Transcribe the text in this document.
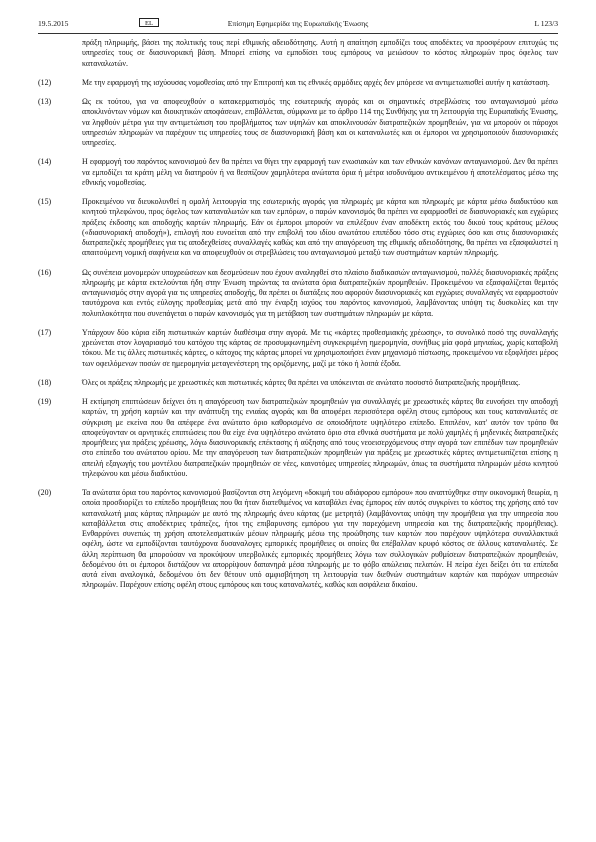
19.5.2015	EL	Επίσημη Εφημερίδα της Ευρωπαϊκής Ένωσης	L 123/3
πράξη πληρωμής, βάσει της πολιτικής τους περί εθιμικής αδειοδότησης. Αυτή η απαίτηση εμποδίζει τους αποδέκτες να προσφέρουν επιτυχώς τις υπηρεσίες τους σε διασυνοριακή βάση. Μπορεί επίσης να εμποδίσει τους εμπόρους να μειώσουν το κόστος πληρωμών προς όφελος των καταναλωτών.
(12)	Με την εφαρμογή της ισχύουσας νομοθεσίας από την Επιτροπή και τις εθνικές αρμόδιες αρχές δεν μπόρεσε να αντιμετωπισθεί αυτήν η κατάσταση.
(13)	Ως εκ τούτου, για να αποφευχθούν ο κατακερματισμός της εσωτερικής αγοράς και οι σημαντικές στρεβλώσεις του ανταγωνισμού μέσω αποκλινόντων νόμων και διοικητικών αποφάσεων, επιβάλλεται, σύμφωνα με το άρθρο 114 της Συνθήκης για τη λειτουργία της Ευρωπαϊκής Ένωσης, να ληφθούν μέτρα για την αντιμετώπιση του προβλήματος των υψηλών και αποκλινουσών διατραπεζικών προμηθειών, για να μπορούν οι πάροχοι υπηρεσιών πληρωμών να παρέχουν τις υπηρεσίες τους σε διασυνοριακή βάση και οι καταναλωτές και οι έμποροι να χρησιμοποιούν διασυνοριακές υπηρεσίες.
(14)	Η εφαρμογή του παρόντος κανονισμού δεν θα πρέπει να θίγει την εφαρμογή των ενωσιακών και των εθνικών κανόνων ανταγωνισμού. Δεν θα πρέπει να εμποδίζει τα κράτη μέλη να διατηρούν ή να θεσπίζουν χαμηλότερα ανώτατα όρια ή μέτρα ισοδυνάμου αντικειμένου ή αποτελέσματος μέσω της εθνικής νομοθεσίας.
(15)	Προκειμένου να διευκολυνθεί η ομαλή λειτουργία της εσωτερικής αγοράς για πληρωμές με κάρτα και πληρωμές με κάρτα μέσω διαδικτύου και κινητού τηλεφώνου, προς όφελος των καταναλωτών και των εμπόρων, ο παρών κανονισμός θα πρέπει να εφαρμοσθεί σε διασυνοριακές και εγχώριες πράξεις έκδοσης και αποδοχής καρτών πληρωμής. Εάν οι έμποροι μπορούν να επιλέξουν έναν αποδέκτη εκτός του δικού τους κράτους μέλους («διασυνοριακή αποδοχή»), επιλογή που ευνοείται από την επιβολή του ιδίου ανωτάτου επιπέδου τόσο στις εγχώριες όσο και στις διασυνοριακές διατραπεζικές προμήθειες για τις αποδεχθείσες συναλλαγές καθώς και από την απαγόρευση της εθιμικής αδειοδότησης, θα πρέπει να εξασφαλιστεί η απαιτούμενη νομική σαφήνεια και να αποφευχθούν οι στρεβλώσεις του ανταγωνισμού μεταξύ των συστημάτων καρτών πληρωμής.
(16)	Ως συνέπεια μονομερών υποχρεώσεων και δεσμεύσεων που έχουν αναληφθεί στο πλαίσιο διαδικασιών ανταγωνισμού, πολλές διασυνοριακές πράξεις πληρωμής με κάρτα εκτελούνται ήδη στην Ένωση τηρώντας τα ανώτατα όρια διατραπεζικών προμηθειών. Προκειμένου να εξασφαλίζεται θεμιτός ανταγωνισμός στην αγορά για τις υπηρεσίες αποδοχής, θα πρέπει οι διατάξεις που αφορούν διασυνοριακές και εγχώριες συναλλαγές να εφαρμοστούν ταυτόχρονα και εντός εύλογης προθεσμίας μετά από την έναρξη ισχύος του παρόντος κανονισμού, λαμβάνοντας υπόψη τις δυσκολίες και την πολυπλοκότητα που συνεπάγεται ο παρών κανονισμός για τη μετάβαση των συστημάτων πληρωμών με κάρτα.
(17)	Υπάρχουν δύο κύρια είδη πιστωτικών καρτών διαθέσιμα στην αγορά. Με τις «κάρτες προθεσμιακής χρέωσης», το συνολικό ποσό της συναλλαγής χρεώνεται στον λογαριασμό του κατόχου της κάρτας σε προσυμφωνημένη συγκεκριμένη ημερομηνία, συνήθως μία φορά μηνιαίως, χωρίς καταβολή τόκου. Με τις άλλες πιστωτικές κάρτες, ο κάτοχος της κάρτας μπορεί να χρησιμοποιήσει έναν μηχανισμό πίστωσης, προκειμένου να εξοφλήσει μέρος των οφειλόμενων ποσών σε ημερομηνία μεταγενέστερη της οριζόμενης, μαζί με τόκο ή λοιπά έξοδα.
(18)	Όλες οι πράξεις πληρωμής με χρεωστικές και πιστωτικές κάρτες θα πρέπει να υπόκεινται σε ανώτατο ποσοστό διατραπεζικής προμήθειας.
(19)	Η εκτίμηση επιπτώσεων δείχνει ότι η απαγόρευση των διατραπεζικών προμηθειών για συναλλαγές με χρεωστικές κάρτες θα ευνοήσει την αποδοχή καρτών, τη χρήση καρτών και την ανάπτυξη της ενιαίας αγοράς και θα αποφέρει περισσότερα οφέλη στους εμπόρους και τους καταναλωτές σε σύγκριση με εκείνα που θα απέφερε ένα ανώτατο όριο καθορισμένο σε οποιοδήποτε υψηλότερο επίπεδο. Επιπλέον, κατ' αυτόν τον τρόπο θα αποφεύγονταν οι αρνητικές επιπτώσεις που θα είχε ένα υψηλότερο ανώτατο όριο στα εθνικά συστήματα με πολύ χαμηλές ή μηδενικές διατραπεζικές προμήθειες για πράξεις χρέωσης, λόγω διασυνοριακής επέκτασης ή αύξησης από τους νεοεισερχόμενους στην αγορά των επιπέδων των προμηθειών στο επίπεδο του ανώτατου ορίου. Με την απαγόρευση των διατραπεζικών προμηθειών για πράξεις με χρεωστικές κάρτες αντιμετωπίζεται επίσης η απειλή εξαγωγής του μοντέλου διατραπεζικών προμηθειών σε νέες, καινοτόμες υπηρεσίες πληρωμών, όπως τα συστήματα πληρωμών μέσω κινητού τηλεφώνου και μέσω διαδικτύου.
(20)	Τα ανώτατα όρια του παρόντος κανονισμού βασίζονται στη λεγόμενη «δοκιμή του αδιάφορου εμπόρου» που αναπτύχθηκε στην οικονομική θεωρία, η οποία προσδιορίζει το επίπεδο προμήθειας που θα ήταν διατεθιμένος να καταβάλει ένας έμπορος εάν αυτός συγκρίνει το κόστος της χρήσης από τον καταναλωτή μιας κάρτας πληρωμών με αυτό της πληρωμής άνευ κάρτας (με μετρητά) (λαμβάνοντας υπόψη την προμήθεια για την υπηρεσία που καταβάλλεται στις αποδέκτριες τράπεζες, ήτοι της επιβαρυνσης εμπόρου για την παρεχόμενη υπηρεσία και της διατραπεζικής προμήθειας). Ενθαρρύνει συνεπώς τη χρήση αποτελεσματικών μέσων πληρωμής μέσω της προώθησης των καρτών που παρέχουν υψηλότερα συναλλακτικά οφέλη, ώστε να εμποδίζονται ταυτόχρονα δυσαναλογες εμπορικές προμήθειες οι οποίες θα επέβαλλαν κρυφό κόστος σε άλλους καταναλωτές. Σε άλλη περίπτωση θα μπορούσαν να προκύψουν υπερβολικές εμπορικές προμήθειες λόγω των συλλογικών ρυθμίσεων διατραπεζικών προμηθειών, δεδομένου ότι οι έμποροι διστάζουν να απορρίψουν δαπανηρά μέσα πληρωμής με το φόβο απώλειας πελατών. Η πείρα έχει δείξει ότι τα επίπεδα αυτά είναι αναλογικά, δεδομένου ότι δεν θέτουν υπό αμφισβήτηση τη λειτουργία των διεθνών συστημάτων καρτών και παρόχων υπηρεσιών πληρωμών. Παρέχουν επίσης οφέλη στους εμπόρους και τους καταναλωτές, καθώς και ασφάλεια δικαίου.
